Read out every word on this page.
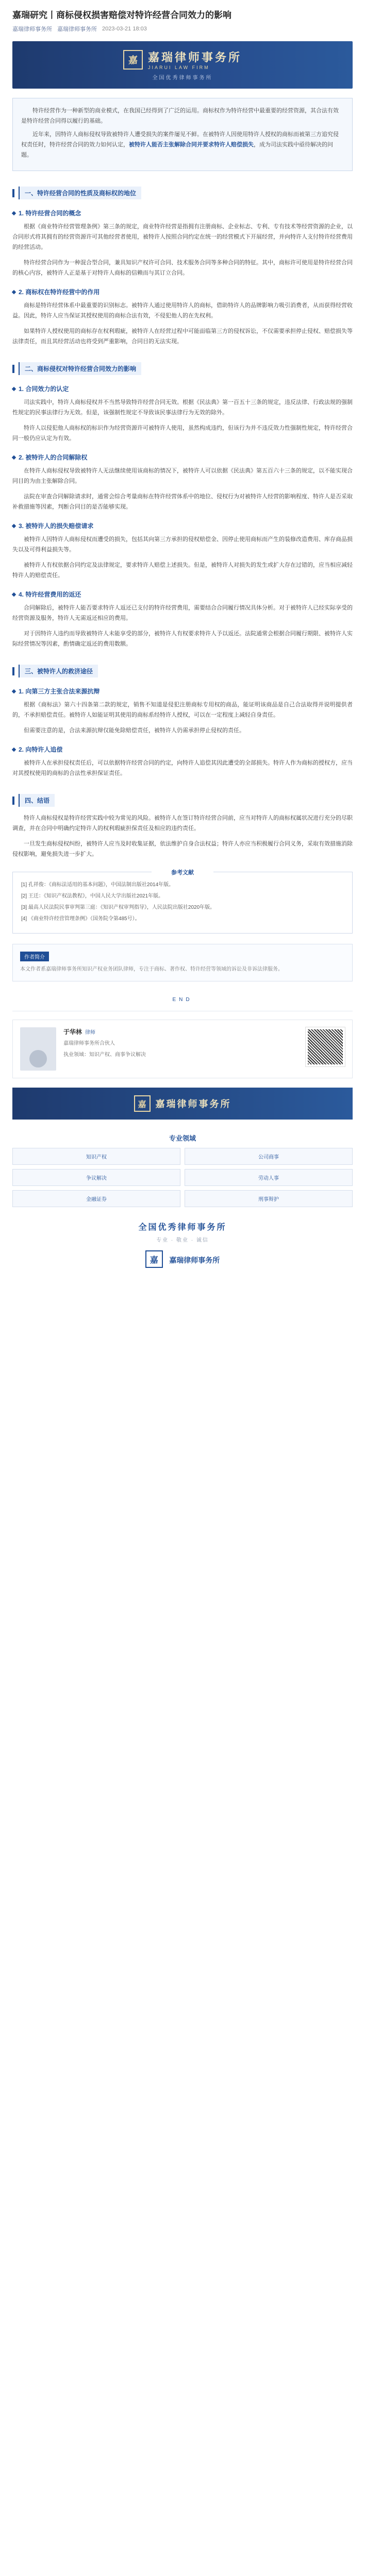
嘉瑞研究丨商标侵权损害赔偿对特许经营合同效力的影响
嘉瑞律师事务所 嘉瑞律师事务所 2023-03-21 18:03
嘉 嘉瑞律师事务所
JIARUI LAW FIRM
全国优秀律师事务所

特许经营作为一种新型的商业模式，在我国已经得到了广泛的运用。商标权作为特许经营中最重要的经营资源，其合法有效是特许经营合同得以履行的基础。

近年来，因特许人商标侵权导致被特许人遭受损失的案件屡见不鲜。在被特许人因使用特许人授权的商标而被第三方追究侵权责任时，特许经营合同的效力如何认定，被特许人能否主张解除合同并要求特许人赔偿损失，成为司法实践中亟待解决的问题。

一、特许经营合同的性质及商标权的地位
1. 特许经营合同的概念

根据《商业特许经营管理条例》第三条的规定，商业特许经营是指拥有注册商标、企业标志、专利、专有技术等经营资源的企业，以合同形式将其拥有的经营资源许可其他经营者使用，被特许人按照合同约定在统一的经营模式下开展经营，并向特许人支付特许经营费用的经营活动。

特许经营合同作为一种混合型合同，兼具知识产权许可合同、技术服务合同等多种合同的特征。其中，商标许可使用是特许经营合同的核心内容，被特许人正是基于对特许人商标的信赖而与其订立合同。

2. 商标权在特许经营中的作用

商标是特许经营体系中最重要的识别标志。被特许人通过使用特许人的商标，借助特许人的品牌影响力吸引消费者，从而获得经营收益。因此，特许人应当保证其授权使用的商标合法有效，不侵犯他人的在先权利。

如果特许人授权使用的商标存在权利瑕疵，被特许人在经营过程中可能面临第三方的侵权诉讼，不仅需要承担停止侵权、赔偿损失等法律责任，而且其经营活动也将受到严重影响，合同目的无法实现。

二、商标侵权对特许经营合同效力的影响
1. 合同效力的认定

司法实践中，特许人商标侵权并不当然导致特许经营合同无效。根据《民法典》第一百五十三条的规定，违反法律、行政法规的强制性规定的民事法律行为无效。但是，该强制性规定不导致该民事法律行为无效的除外。

特许人以侵犯他人商标权的标识作为经营资源许可被特许人使用，虽然构成违约，但该行为并不违反效力性强制性规定，特许经营合同一般仍应认定为有效。

2. 被特许人的合同解除权

在特许人商标侵权导致被特许人无法继续使用该商标的情况下，被特许人可以依据《民法典》第五百六十三条的规定，以不能实现合同目的为由主张解除合同。

法院在审查合同解除请求时，通常会综合考量商标在特许经营体系中的地位、侵权行为对被特许人经营的影响程度、特许人是否采取补救措施等因素，判断合同目的是否能够实现。

3. 被特许人的损失赔偿请求

被特许人因特许人商标侵权而遭受的损失，包括其向第三方承担的侵权赔偿金、因停止使用商标而产生的装修改造费用、库存商品损失以及可得利益损失等。

被特许人有权依据合同约定及法律规定，要求特许人赔偿上述损失。但是，被特许人对损失的发生或扩大存在过错的，应当相应减轻特许人的赔偿责任。

4. 特许经营费用的返还

合同解除后，被特许人能否要求特许人返还已支付的特许经营费用，需要结合合同履行情况具体分析。对于被特许人已经实际享受的经营资源及服务，特许人无需返还相应的费用。

对于因特许人违约而导致被特许人未能享受的部分，被特许人有权要求特许人予以返还。法院通常会根据合同履行期限、被特许人实际经营情况等因素，酌情确定返还的费用数额。

三、被特许人的救济途径
1. 向第三方主张合法来源抗辩

根据《商标法》第六十四条第二款的规定，销售不知道是侵犯注册商标专用权的商品，能证明该商品是自己合法取得并说明提供者的，不承担赔偿责任。被特许人如能证明其使用的商标系经特许人授权，可以在一定程度上减轻自身责任。

但需要注意的是，合法来源抗辩仅能免除赔偿责任，被特许人仍需承担停止侵权的责任。

2. 向特许人追偿

被特许人在承担侵权责任后，可以依据特许经营合同的约定，向特许人追偿其因此遭受的全部损失。特许人作为商标的授权方，应当对其授权使用的商标的合法性承担保证责任。

四、结语

特许人商标侵权是特许经营实践中较为常见的风险。被特许人在签订特许经营合同前，应当对特许人的商标权属状况进行充分的尽职调查，并在合同中明确约定特许人的权利瑕疵担保责任及相应的违约责任。

一旦发生商标侵权纠纷，被特许人应当及时收集证据，依法维护自身合法权益；特许人亦应当积极履行合同义务，采取有效措施消除侵权影响，避免损失进一步扩大。

参考文献
[1] 孔祥俊：《商标法适用的基本问题》，中国法制出版社2014年版。
[2] 王迁：《知识产权法教程》，中国人民大学出版社2021年版。
[3] 最高人民法院民事审判第三庭：《知识产权审判指导》，人民法院出版社2020年版。
[4] 《商业特许经营管理条例》（国务院令第485号）。
作者简介
本文作者系嘉瑞律师事务所知识产权业务团队律师，专注于商标、著作权、特许经营等领域的诉讼及非诉法律服务。
END
于华林 律师
嘉瑞律师事务所合伙人
执业领域：知识产权、商事争议解决
嘉	嘉瑞律师事务所
专业领域
知识产权	公司商事
争议解决	劳动人事
金融证券	刑事辩护
全国优秀律师事务所
专业 · 敬业 · 诚信
嘉 嘉瑞律师事务所
